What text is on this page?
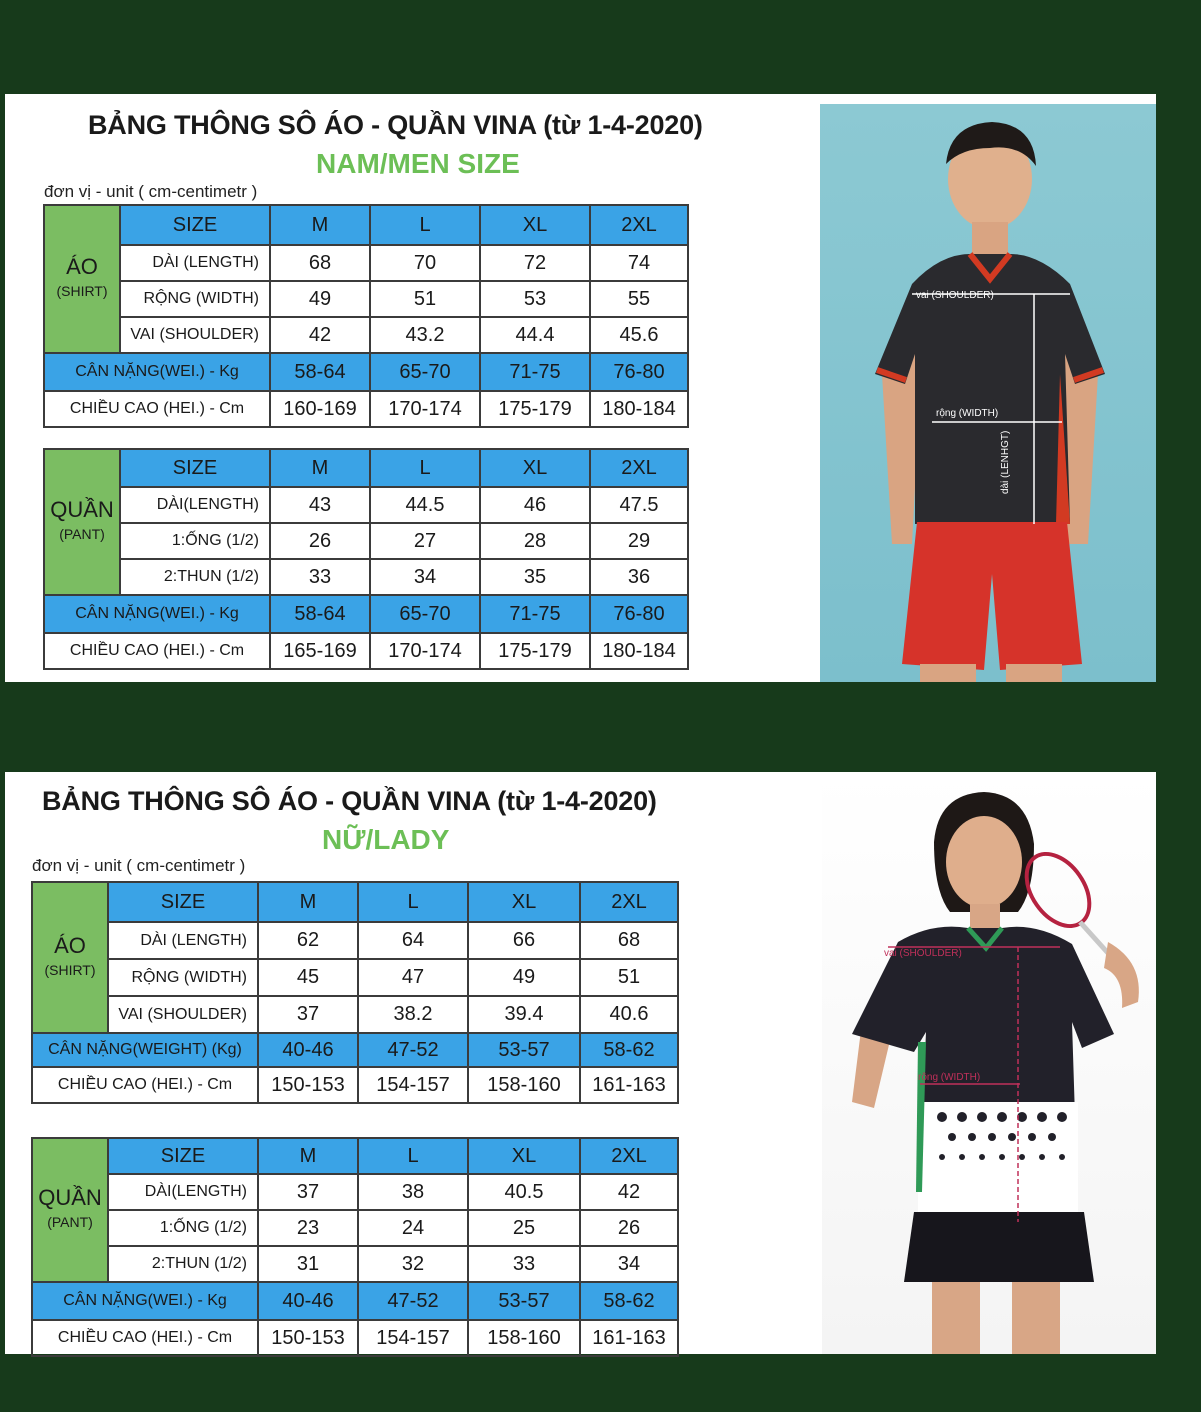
BẢNG THÔNG SÔ ÁO - QUẦN VINA (từ 1-4-2020)
NAM/MEN SIZE
đơn vị - unit ( cm-centimetr )
ÁO
(SHIRT)	SIZE	M	L	XL	2XL
	DÀI (LENGTH)	68	70	72	74
	RỘNG (WIDTH)	49	51	53	55
	VAI (SHOULDER)	42	43.2	44.4	45.6
CÂN NẶNG(WEI.) - Kg		58-64	65-70	71-75	76-80
CHIỀU CAO (HEI.) - Cm		160-169	170-174	175-179	180-184
QUẦN
(PANT)	SIZE	M	L	XL	2XL
	DÀI(LENGTH)	43	44.5	46	47.5
	1:ỐNG (1/2)	26	27	28	29
	2:THUN (1/2)	33	34	35	36
CÂN NẶNG(WEI.) - Kg		58-64	65-70	71-75	76-80
CHIỀU CAO (HEI.) - Cm		165-169	170-174	175-179	180-184
vai (SHOULDER)
rộng (WIDTH)
dài (LENHGT)
BẢNG THÔNG SÔ ÁO - QUẦN VINA (từ 1-4-2020)
NỮ/LADY
đơn vị - unit ( cm-centimetr )
ÁO
(SHIRT)	SIZE	M	L	XL	2XL
	DÀI (LENGTH)	62	64	66	68
	RỘNG (WIDTH)	45	47	49	51
	VAI (SHOULDER)	37	38.2	39.4	40.6
CÂN NẶNG(WEIGHT) (Kg)		40-46	47-52	53-57	58-62
CHIỀU CAO (HEI.) - Cm		150-153	154-157	158-160	161-163
QUẦN
(PANT)	SIZE	M	L	XL	2XL
	DÀI(LENGTH)	37	38	40.5	42
	1:ỐNG (1/2)	23	24	25	26
	2:THUN (1/2)	31	32	33	34
CÂN NẶNG(WEI.) - Kg		40-46	47-52	53-57	58-62
CHIỀU CAO (HEI.) - Cm		150-153	154-157	158-160	161-163
vai (SHOULDER)
rộng (WIDTH)
